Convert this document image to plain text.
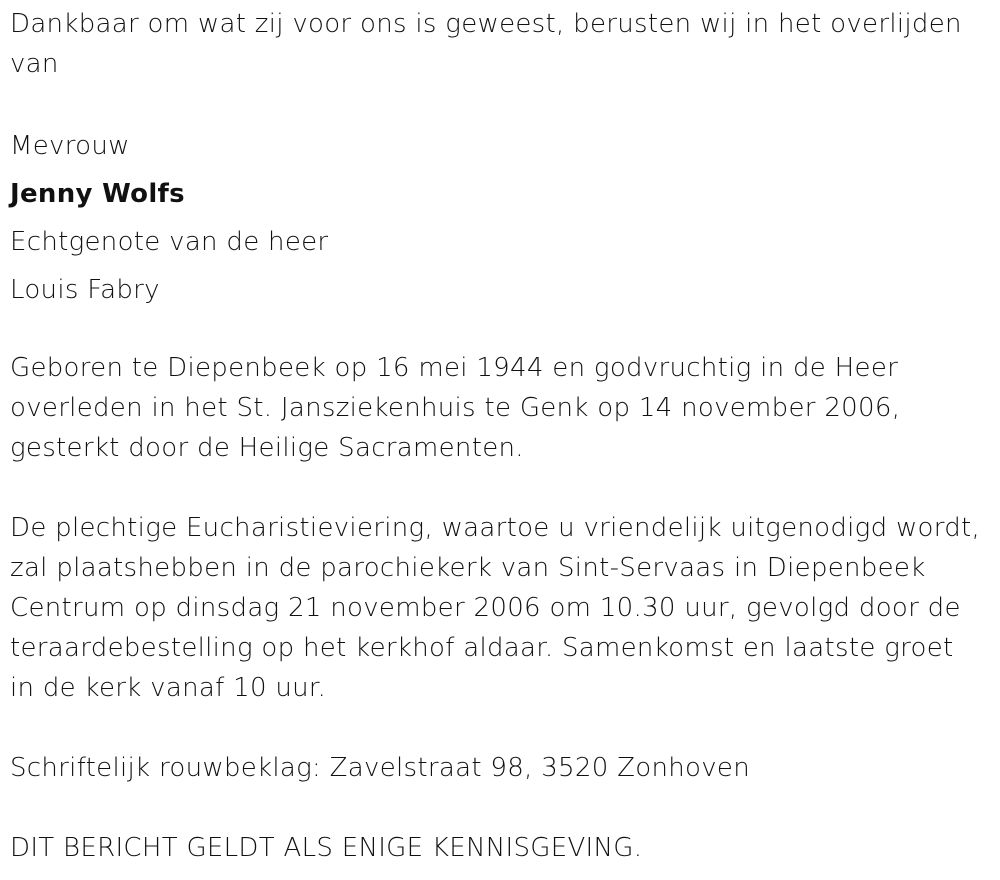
Dankbaar om wat zij voor ons is geweest, berusten wij in het overlijden
van
Mevrouw
Jenny Wolfs
Echtgenote van de heer
Louis Fabry
Geboren te Diepenbeek op 16 mei 1944 en godvruchtig in de Heer
overleden in het St. Jansziekenhuis te Genk op 14 november 2006,
gesterkt door de Heilige Sacramenten.
De plechtige Eucharistieviering, waartoe u vriendelijk uitgenodigd wordt,
zal plaatshebben in de parochiekerk van Sint-Servaas in Diepenbeek
Centrum op dinsdag 21 november 2006 om 10.30 uur, gevolgd door de
teraardebestelling op het kerkhof aldaar. Samenkomst en laatste groet
in de kerk vanaf 10 uur.
Schriftelijk rouwbeklag: Zavelstraat 98, 3520 Zonhoven
DIT BERICHT GELDT ALS ENIGE KENNISGEVING.
